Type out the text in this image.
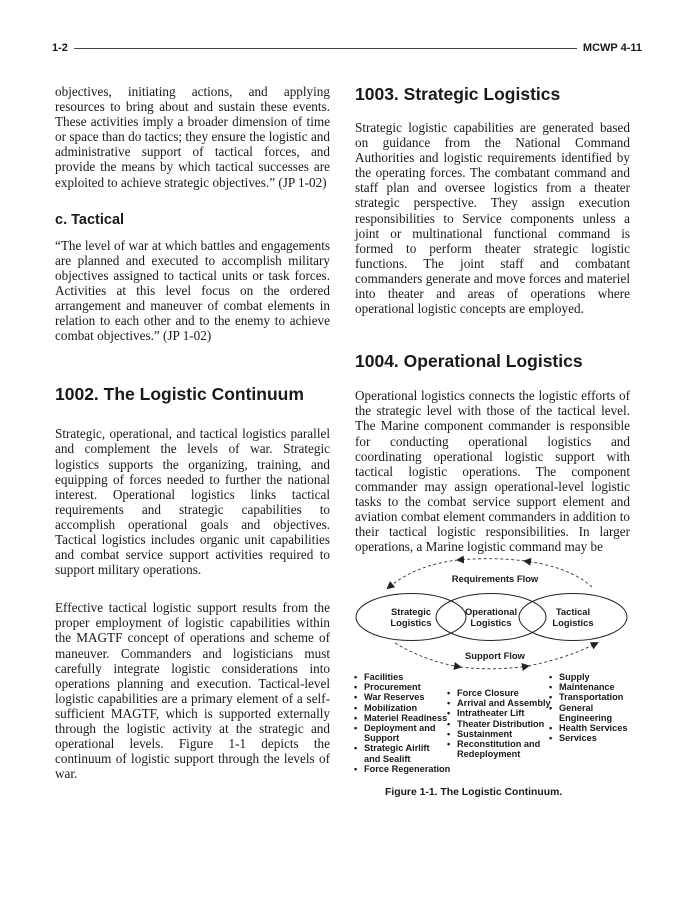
1-2	MCWP 4-11

objectives, initiating actions, and applying resources to bring about and sustain these events. These activities imply a broader dimension of time or space than do tactics; they ensure the logistic and administrative support of tactical forces, and provide the means by which tactical successes are exploited to achieve strategic objectives.” (JP 1-02)

c. Tactical

“The level of war at which battles and engagements are planned and executed to accomplish military objectives assigned to tactical units or task forces. Activities at this level focus on the ordered arrangement and maneuver of combat elements in relation to each other and to the enemy to achieve combat objectives.” (JP 1-02)

1002. The Logistic Continuum

Strategic, operational, and tactical logistics parallel and complement the levels of war. Strategic logistics supports the organizing, training, and equipping of forces needed to further the national interest. Operational logistics links tactical requirements and strategic capabilities to accomplish operational goals and objectives. Tactical logistics includes organic unit capabilities and combat service support activities required to support military operations.

Effective tactical logistic support results from the proper employment of logistic capabilities within the MAGTF concept of operations and scheme of maneuver. Commanders and logisticians must carefully integrate logistic considerations into operations planning and execution. Tactical-level logistic capabilities are a primary element of a self-sufficient MAGTF, which is supported externally through the logistic activity at the strategic and operational levels. Figure 1-1 depicts the continuum of logistic support through the levels of war.

1003. Strategic Logistics

Strategic logistic capabilities are generated based on guidance from the National Command Authorities and logistic requirements identified by the operating forces. The combatant command and staff plan and oversee logistics from a theater strategic perspective. They assign execution responsibilities to Service components unless a joint or multinational functional command is formed to perform theater strategic logistic functions. The joint staff and combatant commanders generate and move forces and materiel into theater and areas of operations where operational logistic concepts are employed.

1004. Operational Logistics

Operational logistics connects the logistic efforts of the strategic level with those of the tactical level. The Marine component commander is responsible for conducting operational logistics and coordinating operational logistic support with tactical logistic operations. The component commander may assign operational-level logistic tasks to the combat service support element and aviation combat element commanders in addition to their tactical logistic responsibilities. In larger operations, a Marine logistic command may be

Requirements Flow
Support Flow
Strategic
Logistics
Operational
Logistics
Tactical
Logistics
• Facilities
• Procurement
• War Reserves
• Mobilization
• Materiel Readiness
• Deployment and
Support
• Strategic Airlift
and Sealift
• Force Regeneration
• Force Closure
• Arrival and Assembly
• Intratheater Lift
• Theater Distribution
• Sustainment
• Reconstitution and
Redeployment
• Supply
• Maintenance
• Transportation
• General
Engineering
• Health Services
• Services
Figure 1-1. The Logistic Continuum.
